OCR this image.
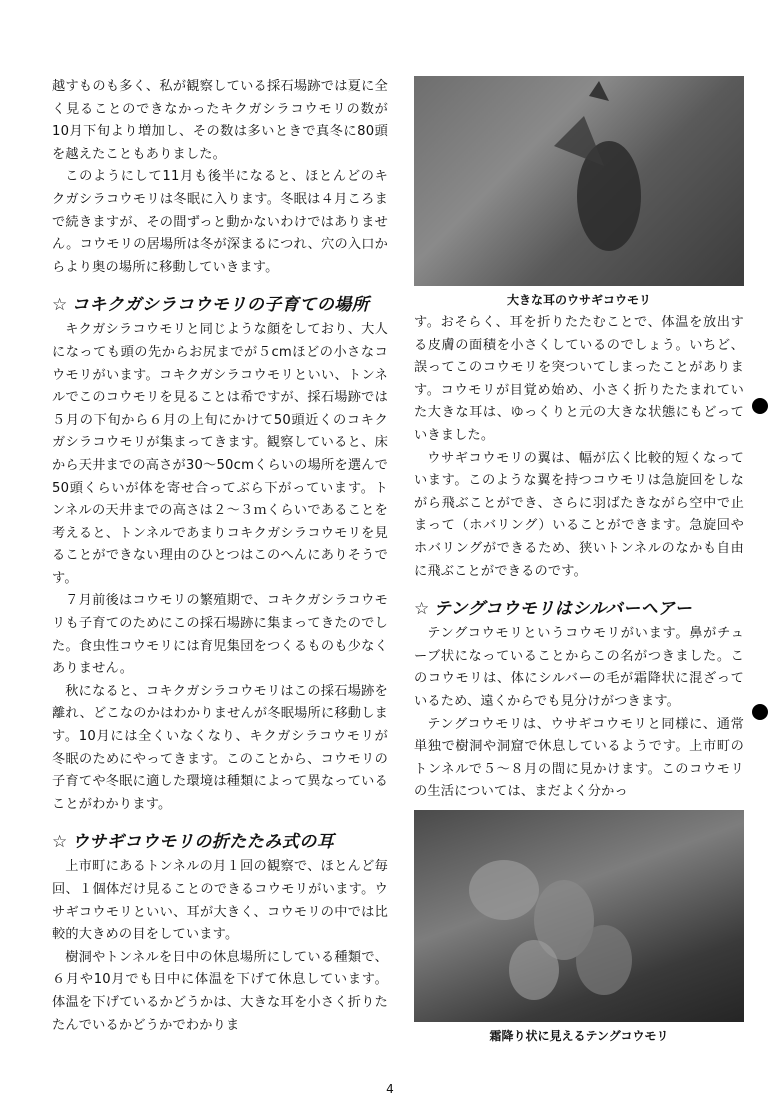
越すものも多く、私が観察している採石場跡では夏に全く見ることのできなかったキクガシラコウモリの数が10月下旬より増加し、その数は多いときで真冬に80頭を越えたこともありました。

このようにして11月も後半になると、ほとんどのキクガシラコウモリは冬眠に入ります。冬眠は４月ころまで続きますが、その間ずっと動かないわけではありません。コウモリの居場所は冬が深まるにつれ、穴の入口からより奥の場所に移動していきます。

☆ コキクガシラコウモリの子育ての場所

キクガシラコウモリと同じような顔をしており、大人になっても頭の先からお尻までが５cmほどの小さなコウモリがいます。コキクガシラコウモリといい、トンネルでこのコウモリを見ることは希ですが、採石場跡では５月の下旬から６月の上旬にかけて50頭近くのコキクガシラコウモリが集まってきます。観察していると、床から天井までの高さが30〜50cmくらいの場所を選んで50頭くらいが体を寄せ合ってぶら下がっています。トンネルの天井までの高さは２〜３ｍくらいであることを考えると、トンネルであまりコキクガシラコウモリを見ることができない理由のひとつはこのへんにありそうです。

７月前後はコウモリの繁殖期で、コキクガシラコウモリも子育てのためにこの採石場跡に集まってきたのでした。食虫性コウモリには育児集団をつくるものも少なくありません。

秋になると、コキクガシラコウモリはこの採石場跡を離れ、どこなのかはわかりませんが冬眠場所に移動します。10月には全くいなくなり、キクガシラコウモリが冬眠のためにやってきます。このことから、コウモリの子育てや冬眠に適した環境は種類によって異なっていることがわかります。

☆ ウサギコウモリの折たたみ式の耳

上市町にあるトンネルの月１回の観察で、ほとんど毎回、１個体だけ見ることのできるコウモリがいます。ウサギコウモリといい、耳が大きく、コウモリの中では比較的大きめの目をしています。

樹洞やトンネルを日中の休息場所にしている種類で、６月や10月でも日中に体温を下げて休息しています。体温を下げているかどうかは、大きな耳を小さく折りたたんでいるかどうかでわかりま

大きな耳のウサギコウモリ

す。おそらく、耳を折りたたむことで、体温を放出する皮膚の面積を小さくしているのでしょう。いちど、誤ってこのコウモリを突ついてしまったことがあります。コウモリが目覚め始め、小さく折りたたまれていた大きな耳は、ゆっくりと元の大きな状態にもどっていきました。

ウサギコウモリの翼は、幅が広く比較的短くなっています。このような翼を持つコウモリは急旋回をしながら飛ぶことができ、さらに羽ばたきながら空中で止まって（ホバリング）いることができます。急旋回やホバリングができるため、狭いトンネルのなかも自由に飛ぶことができるのです。

☆ テングコウモリはシルバーヘアー

テングコウモリというコウモリがいます。鼻がチューブ状になっていることからこの名がつきました。このコウモリは、体にシルバーの毛が霜降状に混ざっているため、遠くからでも見分けがつきます。

テングコウモリは、ウサギコウモリと同様に、通常単独で樹洞や洞窟で休息しているようです。上市町のトンネルで５〜８月の間に見かけます。このコウモリの生活については、まだよく分かっ

霜降り状に見えるテングコウモリ
4
